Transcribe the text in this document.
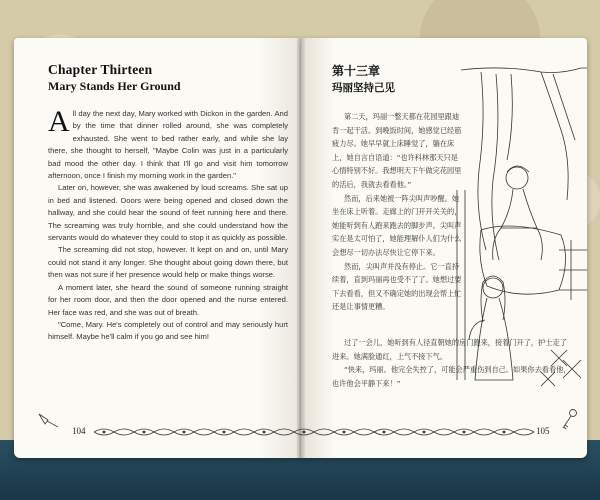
Chapter Thirteen
Mary Stands Her Ground

All day the next day, Mary worked with Dickon in the garden. And by the time that dinner rolled around, she was completely exhausted. She went to bed rather early, and while she lay there, she thought to herself, "Maybe Colin was just in a particularly bad mood the other day. I think that I'll go and visit him tomorrow afternoon, once I finish my morning work in the garden."

Later on, however, she was awakened by loud screams. She sat up in bed and listened. Doors were being opened and closed down the hallway, and she could hear the sound of feet running here and there. The screaming was truly horrible, and she could understand how the servants would do whatever they could to stop it as quickly as possible.

The screaming did not stop, however. It kept on and on, until Mary could not stand it any longer. She thought about going down there, but then was not sure if her presence would help or make things worse.

A moment later, she heard the sound of someone running straight for her room door, and then the door opened and the nurse entered. Her face was red, and she was out of breath.

"Come, Mary. He's completely out of control and may seriously hurt himself. Maybe he'll calm if you go and see him!

第十三章
玛丽坚持己见

第二天，玛丽一整天都在花园里跟迪肯一起干活。到晚饭时间，她感觉已经筋疲力尽。她早早就上床睡觉了，躺在床上，她自言自语道：“也许科林那天只是心情特别不好。我想明天下午做完花园里的活后，我就去看看他。”

然而，后来她被一阵尖叫声吵醒。她坐在床上听着。走廊上的门开开关关的，她能听到有人跑来跑去的脚步声。尖叫声实在是太可怕了，她能理解仆人们为什么会想尽一切办法尽快让它停下来。

然而，尖叫声并没有停止。它一直持续着，直到玛丽再也受不了了。她想过要下去看看，但又不确定她的出现会帮上忙还是让事情更糟。

过了一会儿，她听到有人径直朝她的房门跑来，接着门开了，护士走了进来。她满脸通红，上气不接下气。

“快来，玛丽。他完全失控了，可能会严重伤到自己。如果你去看看他，也许他会平静下来！”

104	105
